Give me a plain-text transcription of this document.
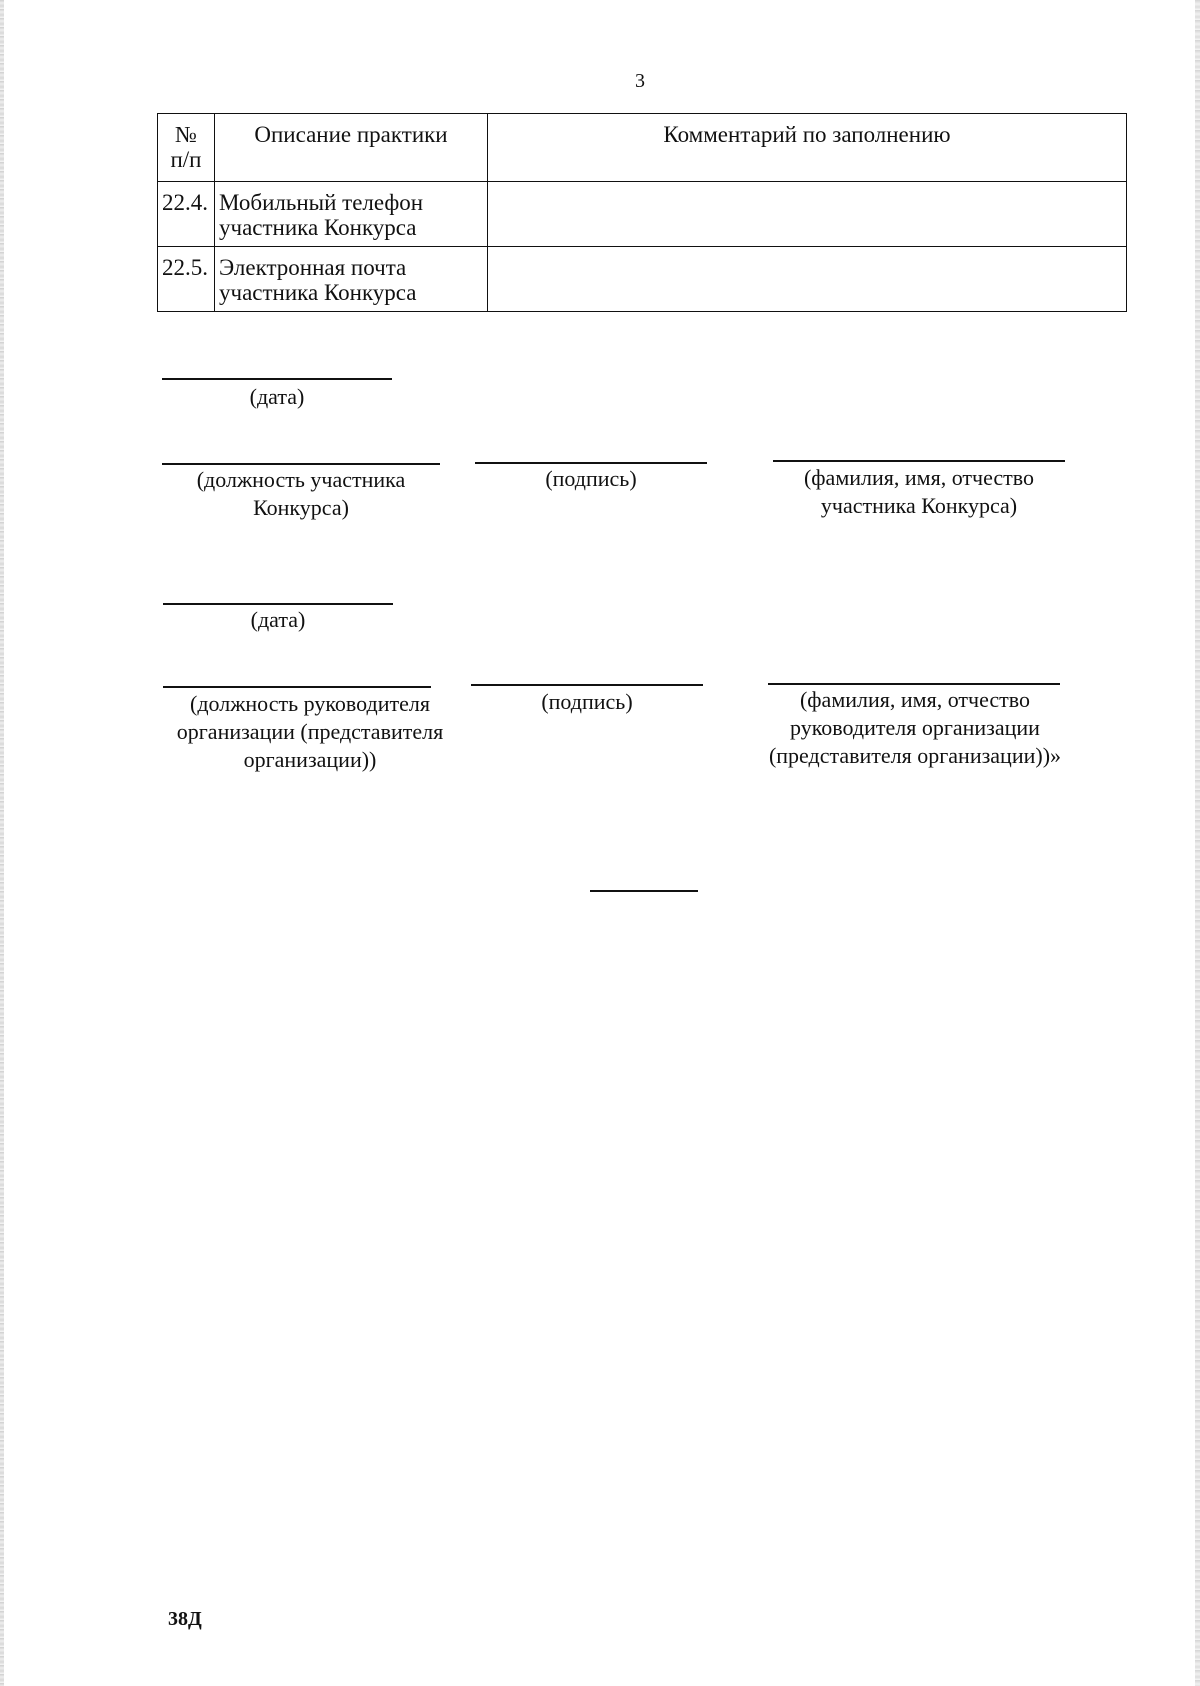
3
№ п/п	Описание практики	Комментарий по заполнению
22.4.	Мобильный телефон участника Конкурса	
22.5.	Электронная почта участника Конкурса	
(дата)
(должность участника Конкурса)
(подпись)	(фамилия, имя, отчество участника Конкурса)
(дата)
(должность руководителя организации (представителя организации))
(подпись)	(фамилия, имя, отчество руководителя организации (представителя организации))»
38Д
